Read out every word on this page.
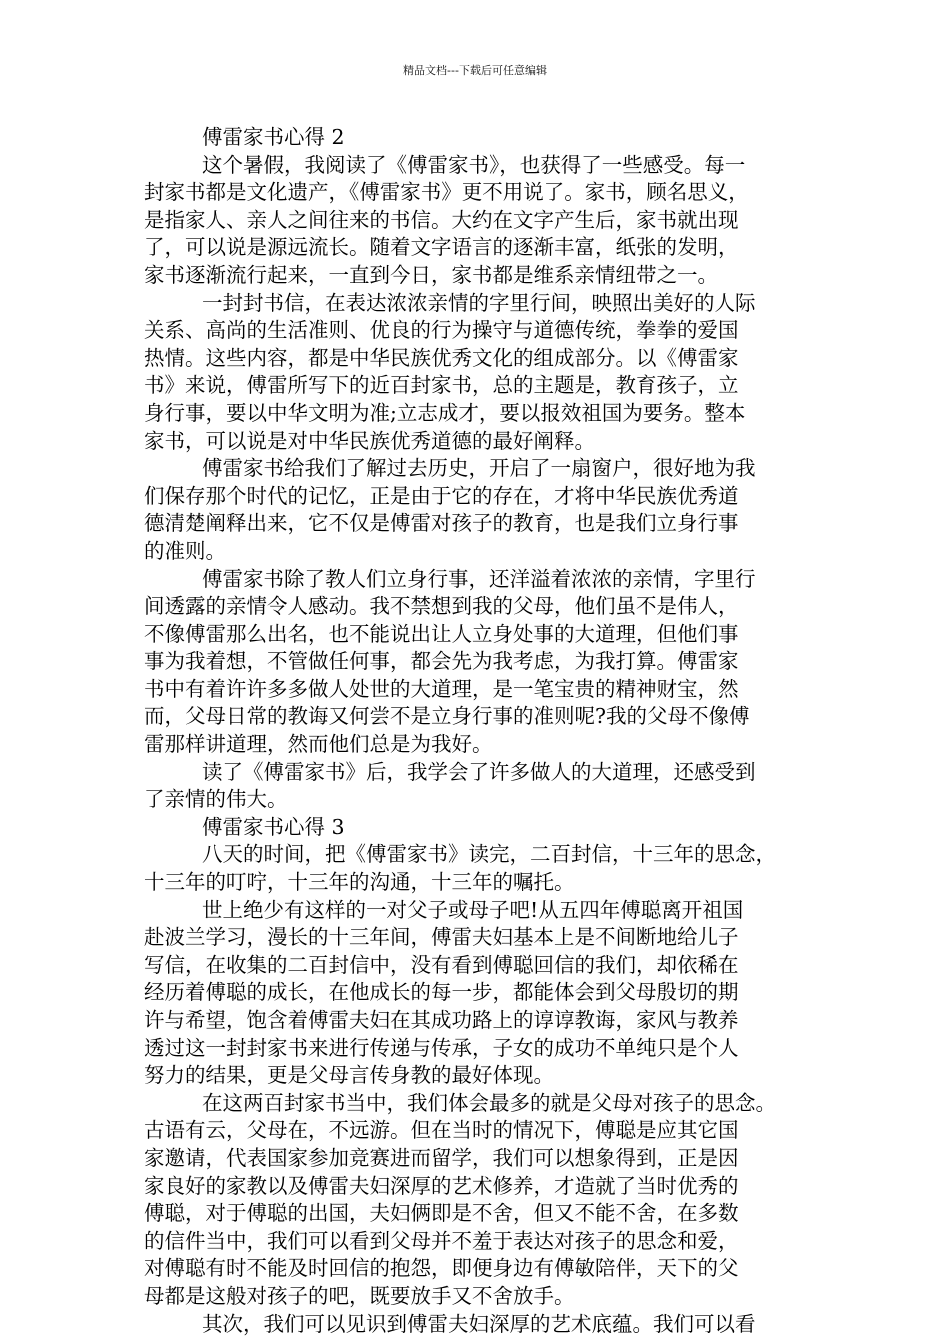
精品文档---下载后可任意编辑
傅雷家书心得 2
这个暑假，我阅读了《傅雷家书》，也获得了一些感受。每一
封家书都是文化遗产，《傅雷家书》更不用说了。家书，顾名思义，
是指家人、亲人之间往来的书信。大约在文字产生后，家书就出现
了，可以说是源远流长。随着文字语言的逐渐丰富，纸张的发明，
家书逐渐流行起来，一直到今日，家书都是维系亲情纽带之一。
一封封书信，在表达浓浓亲情的字里行间，映照出美好的人际
关系、高尚的生活准则、优良的行为操守与道德传统，拳拳的爱国
热情。这些内容，都是中华民族优秀文化的组成部分。以《傅雷家
书》来说，傅雷所写下的近百封家书，总的主题是，教育孩子，立
身行事，要以中华文明为准;立志成才，要以报效祖国为要务。整本
家书，可以说是对中华民族优秀道德的最好阐释。
傅雷家书给我们了解过去历史，开启了一扇窗户，很好地为我
们保存那个时代的记忆，正是由于它的存在，才将中华民族优秀道
德清楚阐释出来，它不仅是傅雷对孩子的教育，也是我们立身行事
的准则。
傅雷家书除了教人们立身行事，还洋溢着浓浓的亲情，字里行
间透露的亲情令人感动。我不禁想到我的父母，他们虽不是伟人，
不像傅雷那么出名，也不能说出让人立身处事的大道理，但他们事
事为我着想，不管做任何事，都会先为我考虑，为我打算。傅雷家
书中有着许许多多做人处世的大道理，是一笔宝贵的精神财宝，然
而，父母日常的教诲又何尝不是立身行事的准则呢?我的父母不像傅
雷那样讲道理，然而他们总是为我好。
读了《傅雷家书》后，我学会了许多做人的大道理，还感受到
了亲情的伟大。
傅雷家书心得 3
八天的时间，把《傅雷家书》读完，二百封信，十三年的思念，
十三年的叮咛，十三年的沟通，十三年的嘱托。
世上绝少有这样的一对父子或母子吧!从五四年傅聪离开祖国
赴波兰学习，漫长的十三年间，傅雷夫妇基本上是不间断地给儿子
写信，在收集的二百封信中，没有看到傅聪回信的我们，却依稀在
经历着傅聪的成长，在他成长的每一步，都能体会到父母殷切的期
许与希望，饱含着傅雷夫妇在其成功路上的谆谆教诲，家风与教养
透过这一封封家书来进行传递与传承，子女的成功不单纯只是个人
努力的结果，更是父母言传身教的最好体现。
在这两百封家书当中，我们体会最多的就是父母对孩子的思念。
古语有云，父母在，不远游。但在当时的情况下，傅聪是应其它国
家邀请，代表国家参加竞赛进而留学，我们可以想象得到，正是因
家良好的家教以及傅雷夫妇深厚的艺术修养，才造就了当时优秀的
傅聪，对于傅聪的出国，夫妇俩即是不舍，但又不能不舍，在多数
的信件当中，我们可以看到父母并不羞于表达对孩子的思念和爱，
对傅聪有时不能及时回信的抱怨，即便身边有傅敏陪伴，天下的父
母都是这般对孩子的吧，既要放手又不舍放手。
其次，我们可以见识到傅雷夫妇深厚的艺术底蕴。我们可以看
